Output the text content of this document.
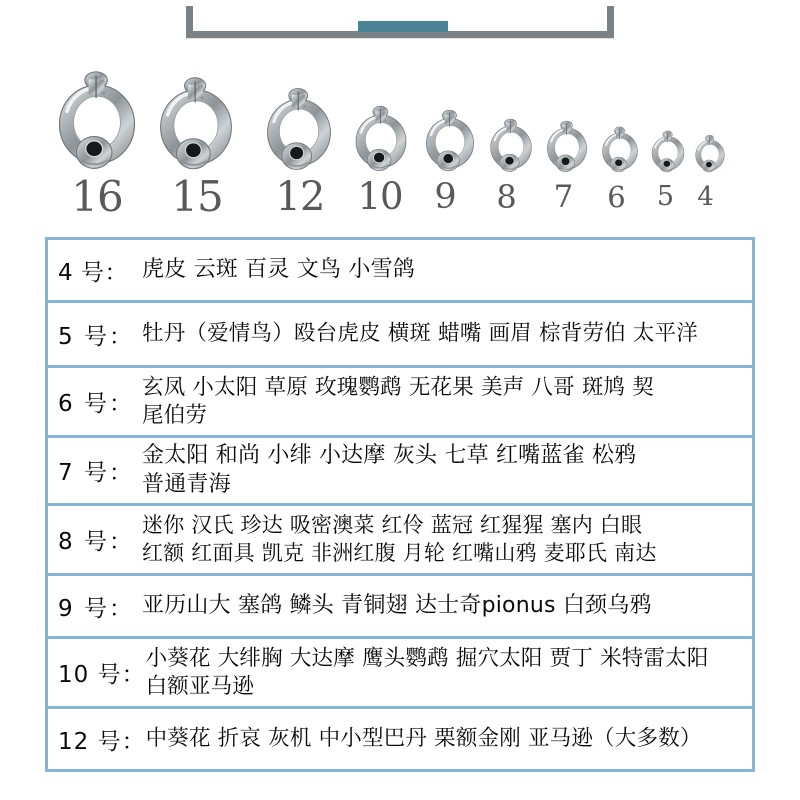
16 15 12 10 9 8 7 6 5 4
4 号： 虎皮 云斑 百灵 文鸟 小雪鸽
5 号： 牡丹（爱情鸟）殴台虎皮 横斑 蜡嘴 画眉 棕背劳伯 太平洋
6 号：
玄凤 小太阳 草原 玫瑰鹦鹉 无花果 美声 八哥 斑鸠 契
尾伯劳
7 号：
金太阳 和尚 小绯 小达摩 灰头 七草 红嘴蓝雀 松鸦
普通青海
8 号：
迷你 汉氏 珍达 吸密澳菜 红伶 蓝冠 红猩猩 塞内 白眼
红额 红面具 凯克 非洲红腹 月轮 红嘴山鸦 麦耶氏 南达
9 号： 亚历山大 塞鸽 鳞头 青铜翅 达士奇pionus 白颈乌鸦
10 号：
小葵花 大绯胸 大达摩 鹰头鹦鹉 掘穴太阳 贾丁 米特雷太阳
白额亚马逊
12 号： 中葵花 折哀 灰机 中小型巴丹 栗额金刚 亚马逊（大多数）
